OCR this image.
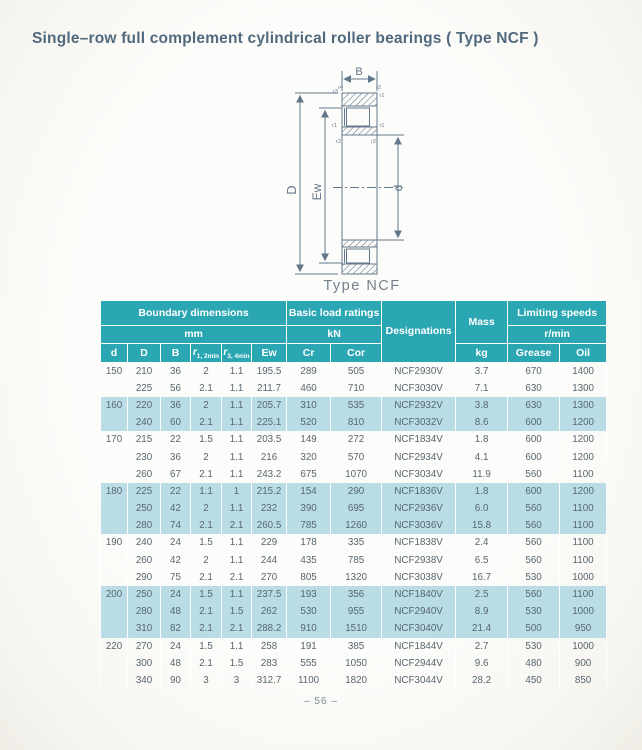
Single–row full complement cylindrical roller bearings ( Type NCF )
B
D Ew	d
r3
r4	r2
r1
r1
r2
r1
r2
Type NCF
Boundary dimensions						Basic load ratings		Designations	Mass	Limiting speeds	
mm						kN				r/min	
d	D	B	$r_{1, 2min}$	$r_{3, 4min}$	Ew	Cr	Cor		kg	Grease	Oil
150	210	36	2	1.1	195.5	289	505	NCF2930V	3.7	670	1400
	225	56	2.1	1.1	211.7	460	710	NCF3030V	7.1	630	1300
160	220	36	2	1.1	205.7	310	535	NCF2932V	3.8	630	1300
	240	60	2.1	1.1	225.1	520	810	NCF3032V	8.6	600	1200
170	215	22	1.5	1.1	203.5	149	272	NCF1834V	1.8	600	1200
	230	36	2	1.1	216	320	570	NCF2934V	4.1	600	1200
	260	67	2.1	1.1	243.2	675	1070	NCF3034V	11.9	560	1100
180	225	22	1.1	1	215.2	154	290	NCF1836V	1.8	600	1200
	250	42	2	1.1	232	390	695	NCF2936V	6.0	560	1100
	280	74	2.1	2.1	260.5	785	1260	NCF3036V	15.8	560	1100
190	240	24	1.5	1.1	229	178	335	NCF1838V	2.4	560	1100
	260	42	2	1.1	244	435	785	NCF2938V	6.5	560	1100
	290	75	2.1	2.1	270	805	1320	NCF3038V	16.7	530	1000
200	250	24	1.5	1.1	237.5	193	356	NCF1840V	2.5	560	1100
	280	48	2.1	1.5	262	530	955	NCF2940V	8.9	530	1000
	310	82	2.1	2.1	288.2	910	1510	NCF3040V	21.4	500	950
220	270	24	1.5	1.1	258	191	385	NCF1844V	2.7	530	1000
	300	48	2.1	1.5	283	555	1050	NCF2944V	9.6	480	900
	340	90	3	3	312.7	1100	1820	NCF3044V	28.2	450	850
– 56 –
